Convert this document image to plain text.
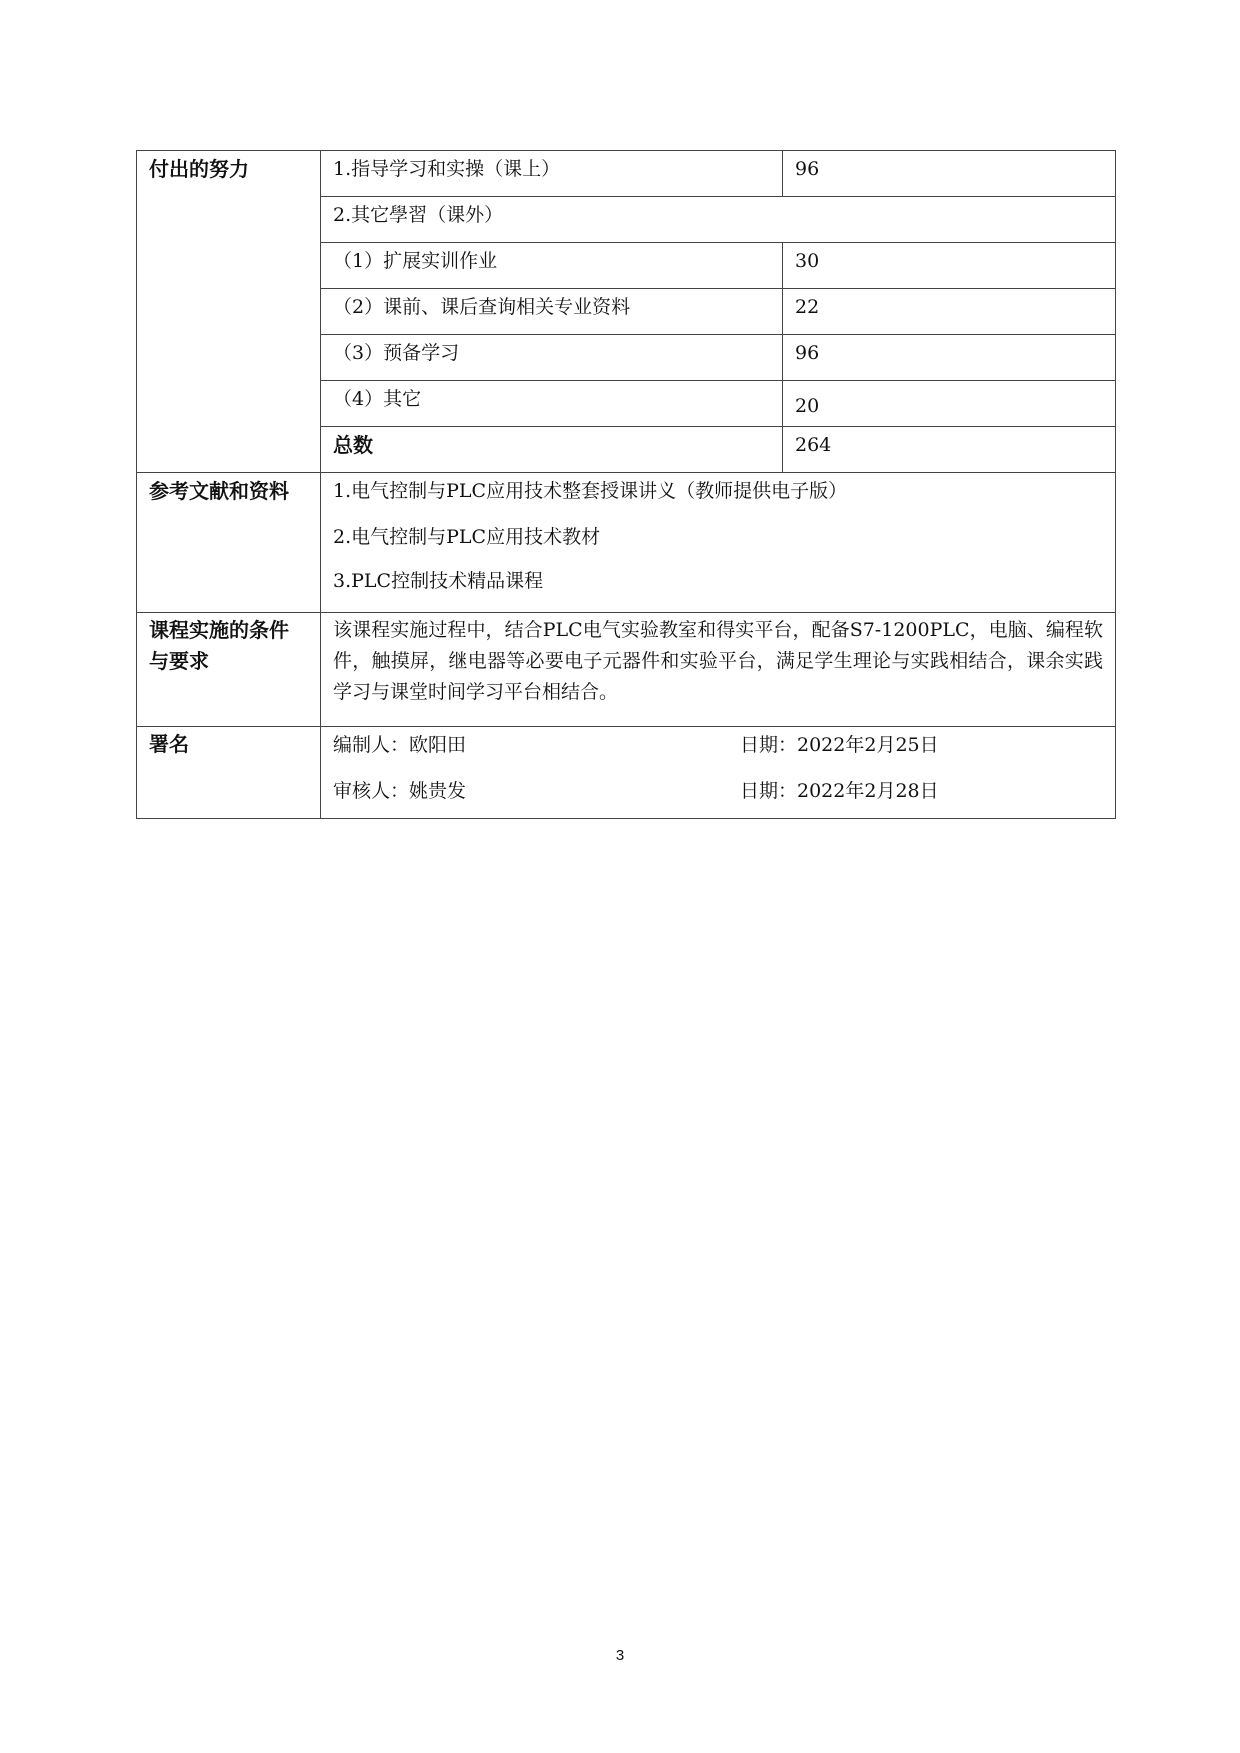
付出的努力	1.指导学习和实操（课上）	96
	2.其它學習（课外）	
	（1）扩展实训作业	30
	（2）课前、课后查询相关专业资料	22
	（3）预备学习	96
	（4）其它	20
	总数	264
参考文献和资料	1.电气控制与PLC应用技术整套授课讲义（教师提供电子版）
2.电气控制与PLC应用技术教材
3.PLC控制技术精品课程	

课程实施的条件与要求	该课程实施过程中，结合PLC电气实验教室和得实平台，配备S7-1200PLC，电脑、编程软件，触摸屏，继电器等必要电子元器件和实验平台，满足学生理论与实践相结合，课余实践学习与课堂时间学习平台相结合。	
署名	编制人：欧阳田 日期：2022年2月25日
审核人：姚贵发 日期：2022年2月28日	
3
